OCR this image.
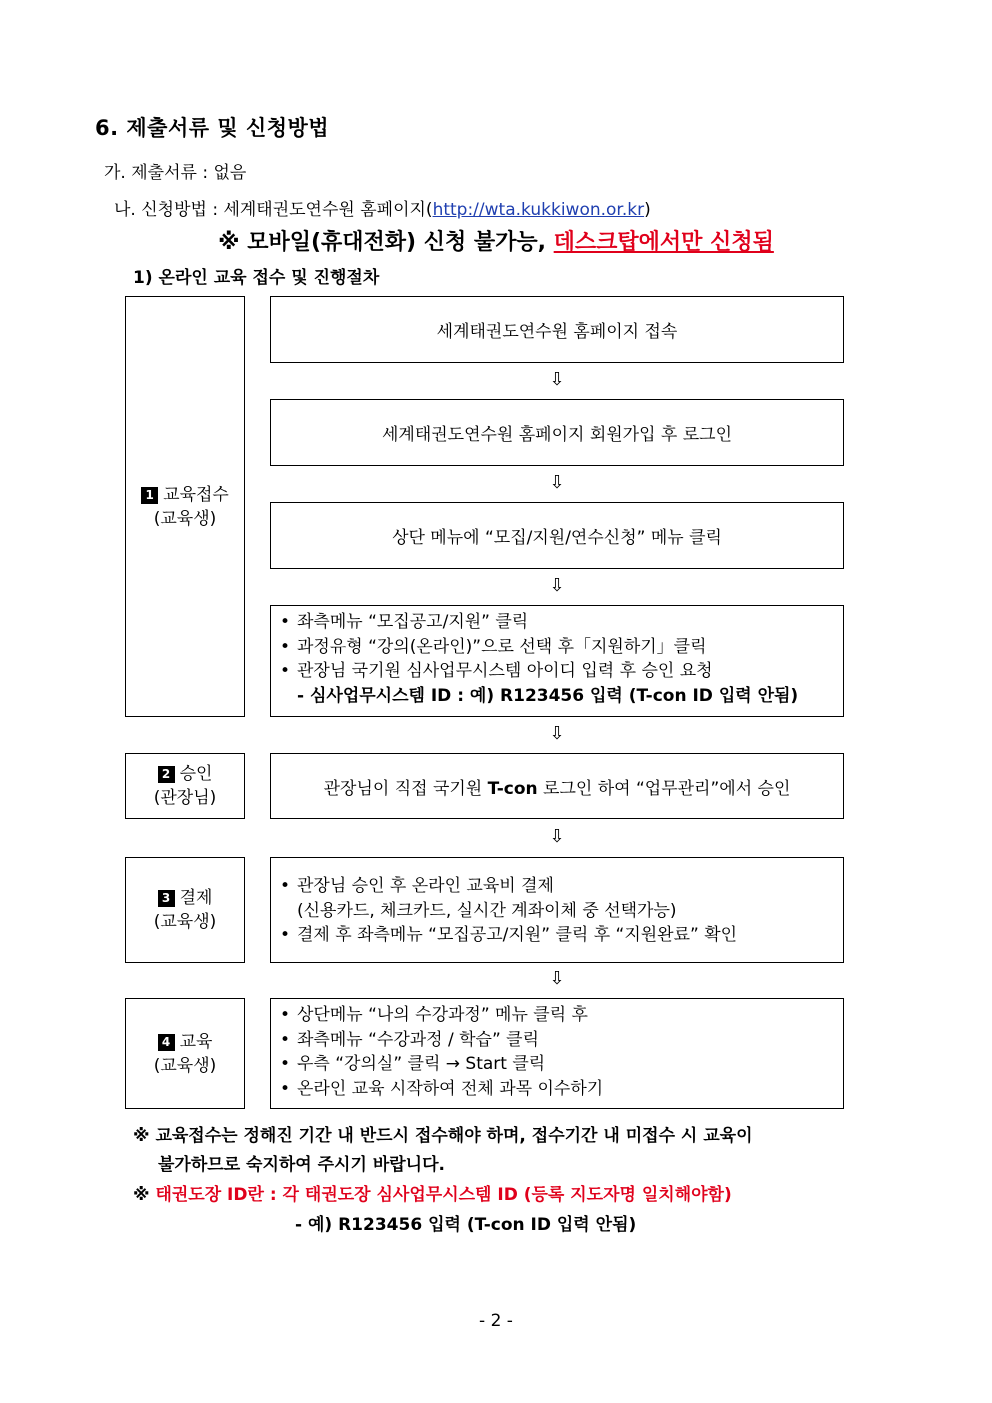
6. 제출서류 및 신청방법
가. 제출서류 : 없음
나. 신청방법 : 세계태권도연수원 홈페이지(http://wta.kukkiwon.or.kr)
※ 모바일(휴대전화) 신청 불가능, 데스크탑에서만 신청됨
1) 온라인 교육 접수 및 진행절차
1 교육접수
(교육생)
2 승인
(관장님)
3 결제
(교육생)
4 교육
(교육생)
세계태권도연수원 홈페이지 접속
⇩
세계태권도연수원 홈페이지 회원가입 후 로그인
⇩
상단 메뉴에 “모집/지원/연수신청” 메뉴 클릭
⇩
• 좌측메뉴 “모집공고/지원” 클릭
• 과정유형 “강의(온라인)”으로 선택 후「지원하기」클릭
• 관장님 국기원 심사업무시스템 아이디 입력 후 승인 요청
- 심사업무시스템 ID : 예) R123456 입력 (T-con ID 입력 안됨)
⇩
관장님이 직접 국기원 T-con 로그인 하여 “업무관리”에서 승인
⇩
• 관장님 승인 후 온라인 교육비 결제
(신용카드, 체크카드, 실시간 계좌이체 중 선택가능)
• 결제 후 좌측메뉴 “모집공고/지원” 클릭 후 “지원완료” 확인
⇩
• 상단메뉴 “나의 수강과정” 메뉴 클릭 후
• 좌측메뉴 “수강과정 / 학습” 클릭
• 우측 “강의실” 클릭 → Start 클릭
• 온라인 교육 시작하여 전체 과목 이수하기
※ 교육접수는 정해진 기간 내 반드시 접수해야 하며, 접수기간 내 미접수 시 교육이
불가하므로 숙지하여 주시기 바랍니다.
※ 태권도장 ID란 : 각 태권도장 심사업무시스템 ID (등록 지도자명 일치해야함)
- 예) R123456 입력 (T-con ID 입력 안됨)
- 2 -
